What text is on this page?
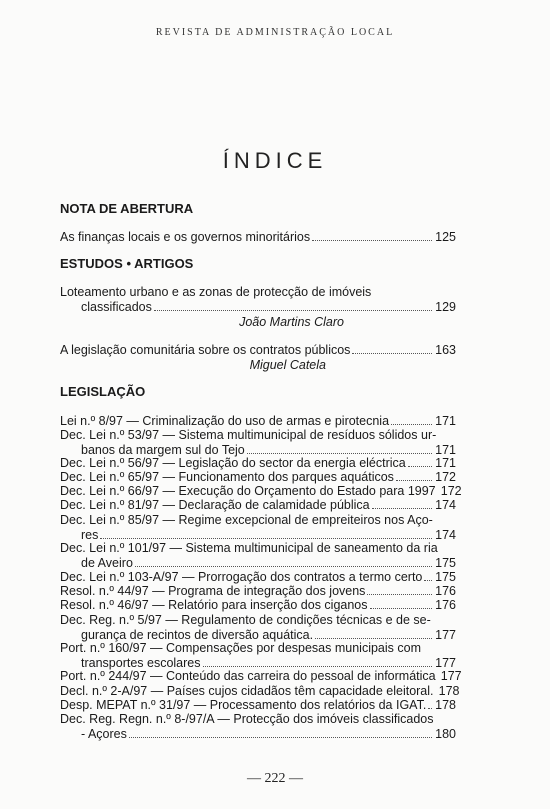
REVISTA DE ADMINISTRAÇÃO LOCAL
ÍNDICE
NOTA DE ABERTURA
As finanças locais e os governos minoritários	125
ESTUDOS • ARTIGOS
Loteamento urbano e as zonas de protecção de imóveis
classificados	129
João Martins Claro
A legislação comunitária sobre os contratos públicos	163
Miguel Catela
LEGISLAÇÃO
Lei n.º 8/97 — Criminalização do uso de armas e pirotecnia	171
Dec. Lei n.º 53/97 — Sistema multimunicipal de resíduos sólidos ur-
banos da margem sul do Tejo	171
Dec. Lei n.º 56/97 — Legislação do sector da energia eléctrica 171
Dec. Lei n.º 65/97 — Funcionamento dos parques aquáticos	172
Dec. Lei n.º 66/97 — Execução do Orçamento do Estado para 1997 172
Dec. Lei n.º 81/97 — Declaração de calamidade pública	174
Dec. Lei n.º 85/97 — Regime excepcional de empreiteiros nos Aço-
res	174
Dec. Lei n.º 101/97 — Sistema multimunicipal de saneamento da ria
de Aveiro	175
Dec. Lei n.º 103-A/97 — Prorrogação dos contratos a termo certo 175
Resol. n.º 44/97 — Programa de integração dos jovens	176
Resol. n.º 46/97 — Relatório para inserção dos ciganos	176
Dec. Reg. n.º 5/97 — Regulamento de condições técnicas e de se-
gurança de recintos de diversão aquática.	177
Port. n.º 160/97 — Compensações por despesas municipais com
transportes escolares	177
Port. n.º 244/97 — Conteúdo das carreira do pessoal de informática 177
Decl. n.º 2-A/97 — Países cujos cidadãos têm capacidade eleitoral. 178
Desp. MEPAT n.º 31/97 — Processamento dos relatórios da IGAT. 178
Dec. Reg. Regn. n.º 8-/97/A — Protecção dos imóveis classificados
- Açores	180
— 222 —
